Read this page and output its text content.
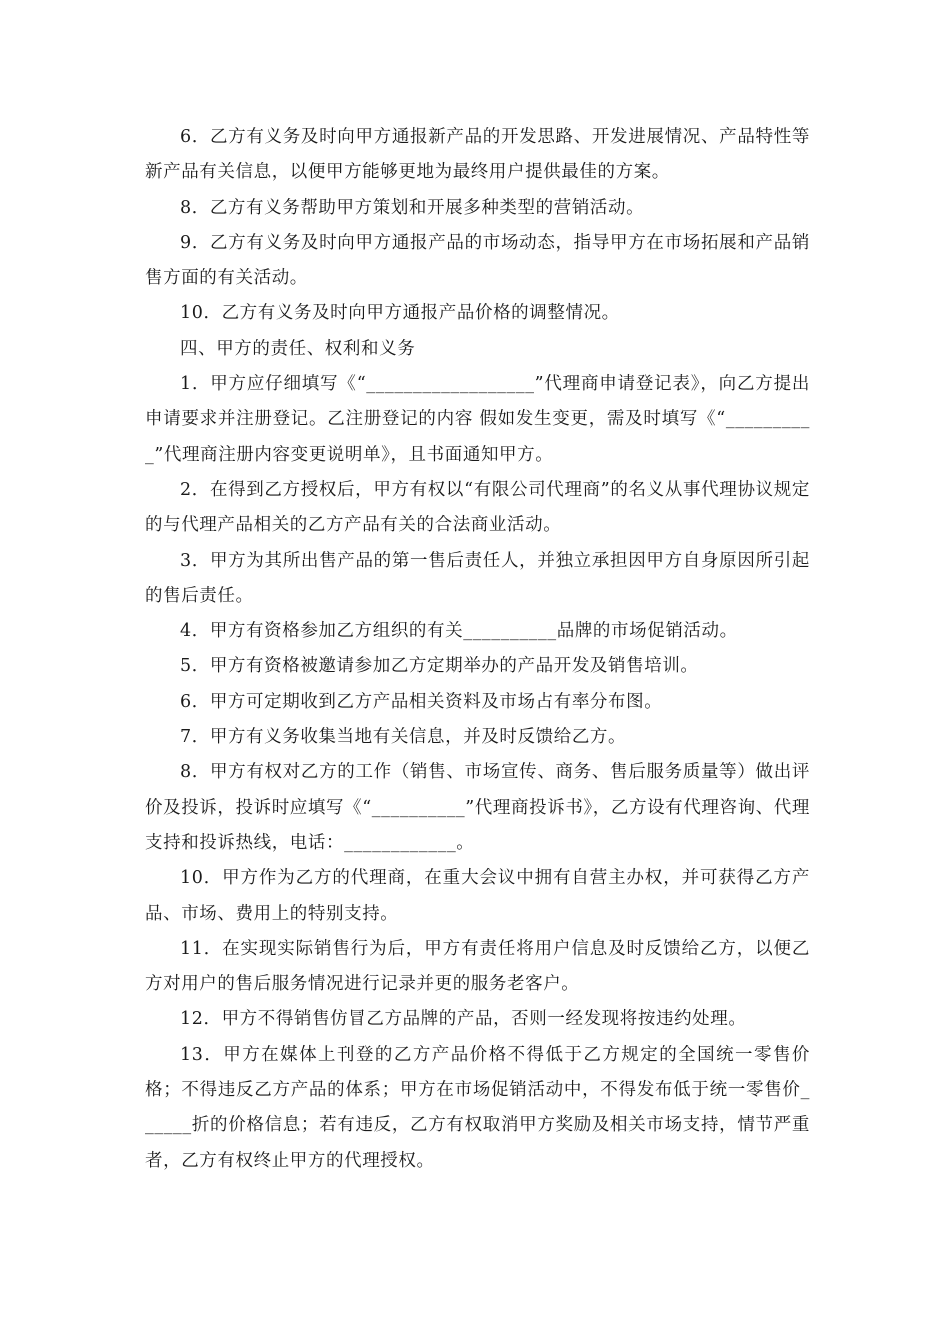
6．乙方有义务及时向甲方通报新产品的开发思路、开发进展情况、产品特性等新产品有关信息，以便甲方能够更地为最终用户提供最佳的方案。

8．乙方有义务帮助甲方策划和开展多种类型的营销活动。

9．乙方有义务及时向甲方通报产品的市场动态，指导甲方在市场拓展和产品销售方面的有关活动。

10．乙方有义务及时向甲方通报产品价格的调整情况。

四、甲方的责任、权利和义务

1．甲方应仔细填写《“__________________”代理商申请登记表》，向乙方提出申请要求并注册登记。乙注册登记的内容 假如发生变更，需及时填写《“__________”代理商注册内容变更说明单》，且书面通知甲方。

2．在得到乙方授权后，甲方有权以“有限公司代理商”的名义从事代理协议规定的与代理产品相关的乙方产品有关的合法商业活动。

3．甲方为其所出售产品的第一售后责任人，并独立承担因甲方自身原因所引起的售后责任。

4．甲方有资格参加乙方组织的有关__________品牌的市场促销活动。

5．甲方有资格被邀请参加乙方定期举办的产品开发及销售培训。

6．甲方可定期收到乙方产品相关资料及市场占有率分布图。

7．甲方有义务收集当地有关信息，并及时反馈给乙方。

8．甲方有权对乙方的工作（销售、市场宣传、商务、售后服务质量等）做出评价及投诉，投诉时应填写《“__________”代理商投诉书》，乙方设有代理咨询、代理支持和投诉热线，电话：____________。

10．甲方作为乙方的代理商，在重大会议中拥有自营主办权，并可获得乙方产品、市场、费用上的特别支持。

11．在实现实际销售行为后，甲方有责任将用户信息及时反馈给乙方，以便乙方对用户的售后服务情况进行记录并更的服务老客户。

12．甲方不得销售仿冒乙方品牌的产品，否则一经发现将按违约处理。

13．甲方在媒体上刊登的乙方产品价格不得低于乙方规定的全国统一零售价格；不得违反乙方产品的体系；甲方在市场促销活动中，不得发布低于统一零售价______折的价格信息；若有违反，乙方有权取消甲方奖励及相关市场支持，情节严重者，乙方有权终止甲方的代理授权。
